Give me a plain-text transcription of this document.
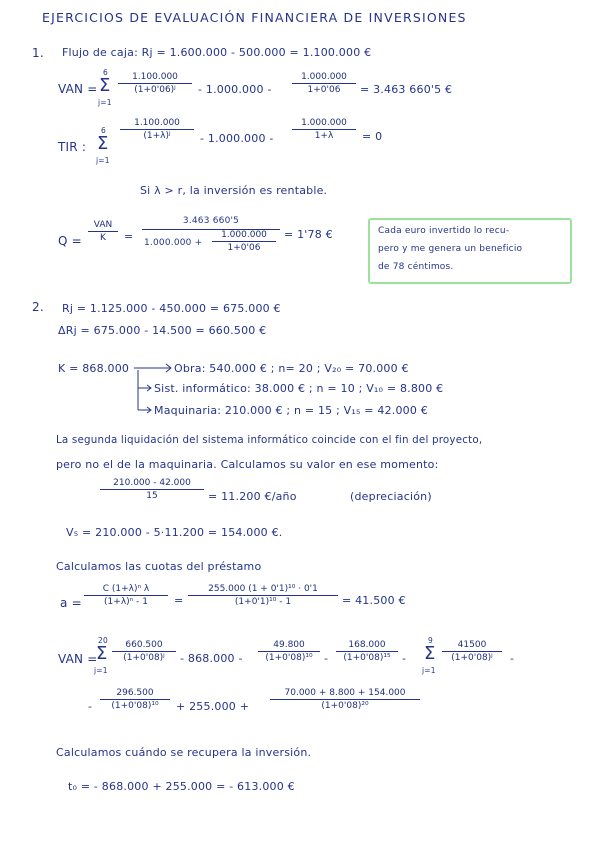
EJERCICIOS DE EVALUACIÓN FINANCIERA DE INVERSIONES
1. Flujo de caja: Rj = 1.600.000 - 500.000 = 1.100.000 €
VAN =
6
Σ
j=1
1.100.000
(1+0'06)ʲ	- 1.000.000 -
1.000.000
1+0'06	= 3.463 660'5 €
TIR :
6
Σ
j=1
1.100.000
(1+λ)ʲ	- 1.000.000 -
1.000.000
1+λ	= 0
Si λ > r, la inversión es rentable.
Q =
VAN
K	=
3.463 660'5
1.000.000 +
1.000.000
1+0'06
= 1'78 €	Cada euro invertido lo recu-
pero y me genera un beneficio
de 78 céntimos.
2. Rj = 1.125.000 - 450.000 = 675.000 €
ΔRj = 675.000 - 14.500 = 660.500 €
K = 868.000	Obra: 540.000 € ; n= 20 ; V₂₀ = 70.000 €
Sist. informático: 38.000 € ; n = 10 ; V₁₀ = 8.800 €
Maquinaria: 210.000 € ; n = 15 ; V₁₅ = 42.000 €
La segunda liquidación del sistema informático coincide con el fin del proyecto,
pero no el de la maquinaria. Calculamos su valor en ese momento:
210.000 - 42.000
15	= 11.200 €/año	(depreciación)
V₅ = 210.000 - 5·11.200 = 154.000 €.
Calculamos las cuotas del préstamo
a =
C (1+λ)ⁿ λ
(1+λ)ⁿ - 1	=
255.000 (1 + 0'1)¹⁰ · 0'1
(1+0'1)¹⁰ - 1	= 41.500 €
VAN =
20
Σ
j=1
660.500
(1+0'08)ʲ	- 868.000 -
49.800
(1+0'08)¹⁰	-
168.000
(1+0'08)¹⁵	-
9
Σ
j=1
41500
(1+0'08)ʲ	-
-
296.500
(1+0'08)¹⁰	+ 255.000 +
70.000 + 8.800 + 154.000
(1+0'08)²⁰
Calculamos cuándo se recupera la inversión.
t₀ = - 868.000 + 255.000 = - 613.000 €
